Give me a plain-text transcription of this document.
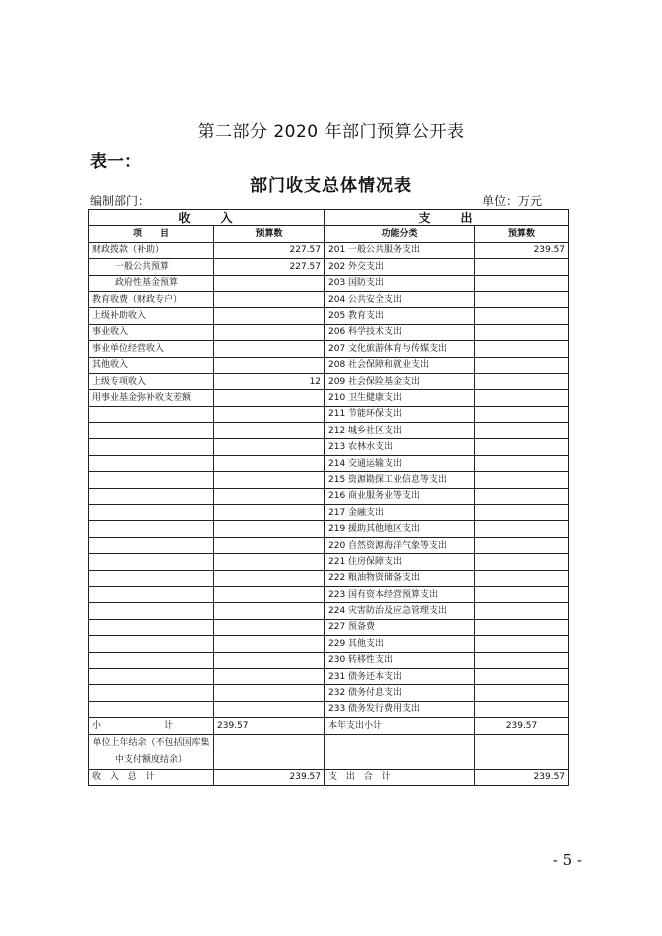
第二部分 2020 年部门预算公开表
表一：
部门收支总体情况表
编制部门：	单位：万元
收　　入		支　　出	
项　　目	预算数	功能分类	预算数
财政拨款（补助）	227.57	201 一般公共服务支出	239.57
一般公共预算	227.57	202 外交支出	
政府性基金预算		203 国防支出	
教育收费（财政专户）		204 公共安全支出	
上级补助收入		205 教育支出	
事业收入		206 科学技术支出	
事业单位经营收入		207 文化旅游体育与传媒支出	
其他收入		208 社会保障和就业支出	
上级专项收入	12	209 社会保险基金支出	
用事业基金弥补收支差额		210 卫生健康支出	
		211 节能环保支出	
		212 城乡社区支出	
		213 农林水支出	
		214 交通运输支出	
		215 资源勘探工业信息等支出	
		216 商业服务业等支出	
		217 金融支出	
		219 援助其他地区支出	
		220 自然资源海洋气象等支出	
		221 住房保障支出	
		222 粮油物资储备支出	
		223 国有资本经营预算支出	
		224 灾害防治及应急管理支出	
		227 预备费	
		229 其他支出	
		230 转移性支出	
		231 债务还本支出	
		232 债务付息支出	
		233 债务发行费用支出	
小　　　计	239.57	本年支出小计	239.57
单位上年结余（不包括国库集中支付额度结余）			
收 入 总 计	239.57	支 出 合 计	239.57
- 5 -
